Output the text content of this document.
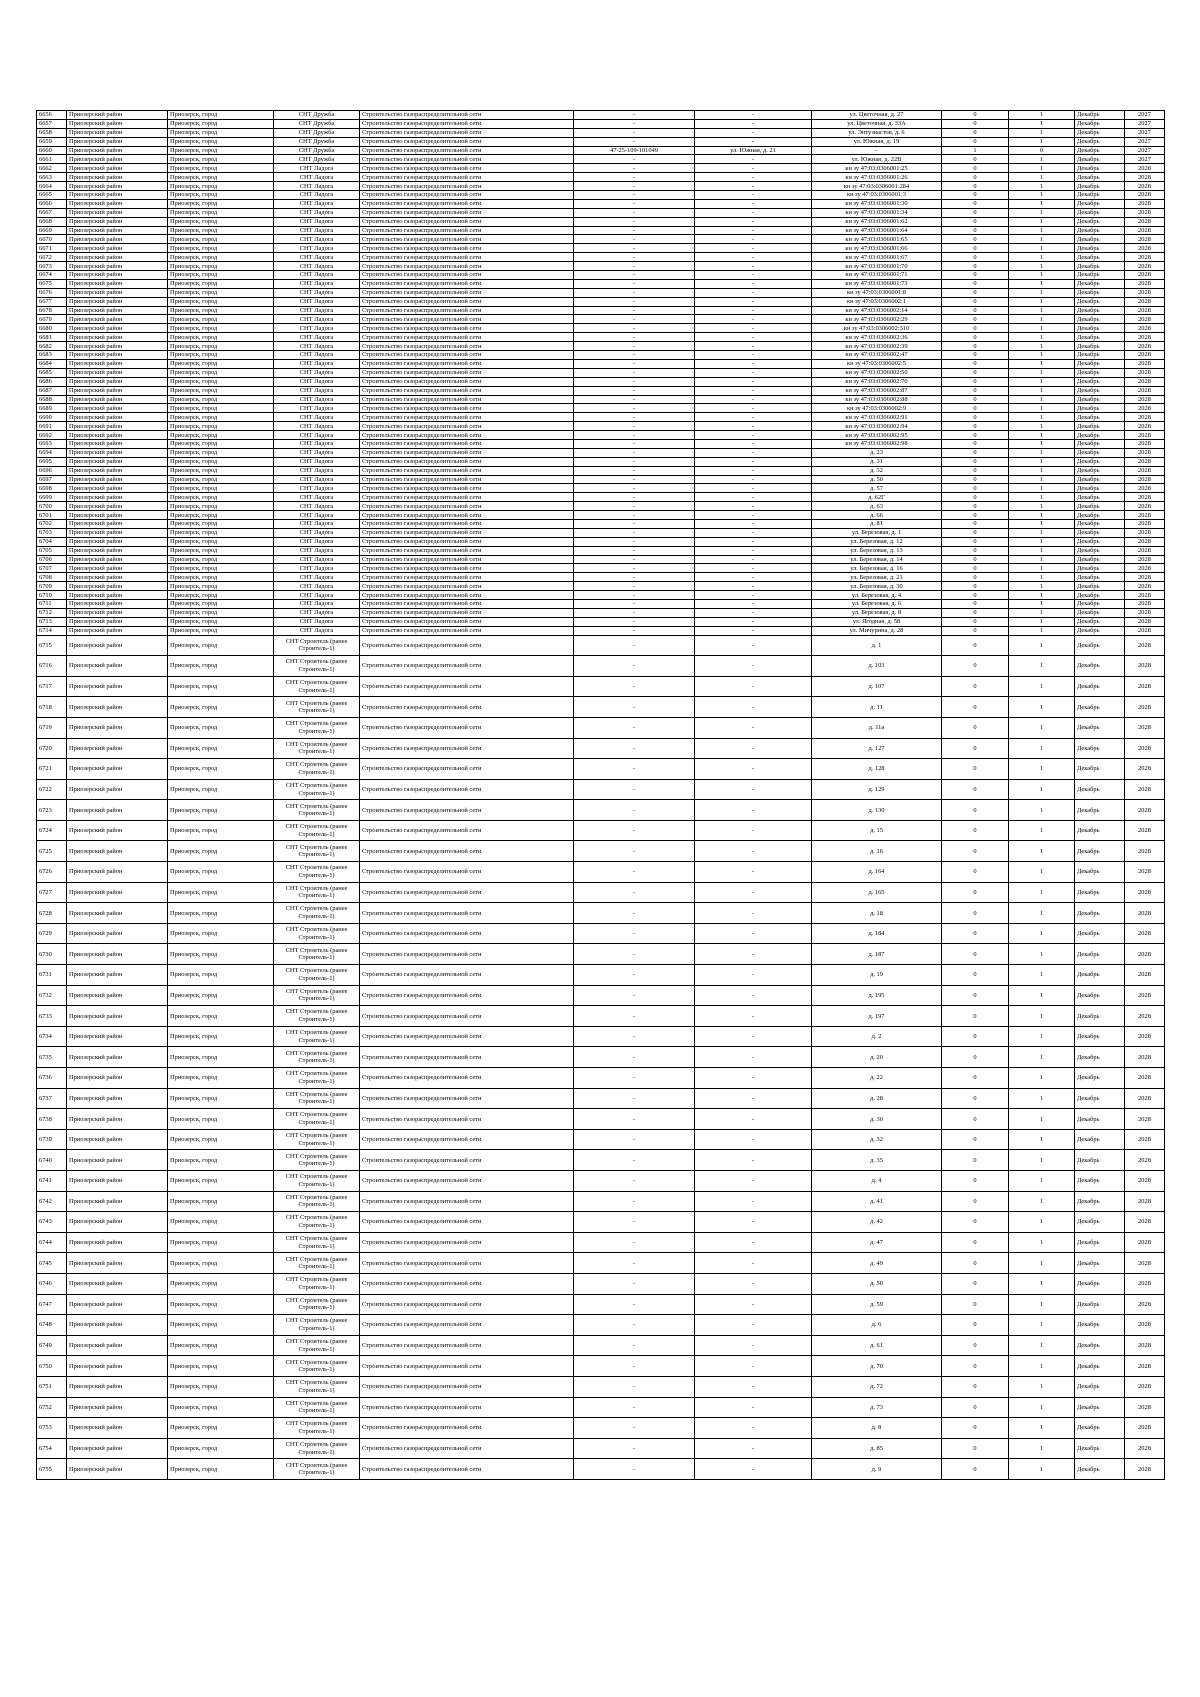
6656	Приозерский район	Приозерск, город	СНТ Дружба	Строительство газораспределительной сети	-	-	ул. Цветочная, д. 27	0	1	Декабрь	2027
6657	Приозерский район	Приозерск, город	СНТ Дружба	Строительство газораспределительной сети	-	-	ул. Цветочная, д. 33А	0	1	Декабрь	2027
6658	Приозерский район	Приозерск, город	СНТ Дружба	Строительство газораспределительной сети	-	-	ул. Энтузиастов, д. 6	0	1	Декабрь	2027
6659	Приозерский район	Приозерск, город	СНТ Дружба	Строительство газораспределительной сети	-	-	ул. Южная, д. 19	0	1	Декабрь	2027
6660	Приозерский район	Приозерск, город	СНТ Дружба	Строительство газораспределительной сети	47-25-109-101049	ул. Южная, д. 21	-	1	0	Декабрь	2027
6661	Приозерский район	Приозерск, город	СНТ Дружба	Строительство газораспределительной сети	-	-	ул. Южная, д. 22В	0	1	Декабрь	2027
6662	Приозерский район	Приозерск, город	СНТ Ладога	Строительство газораспределительной сети	-	-	кн зу 47:03:0306001:25	0	1	Декабрь	2028
6663	Приозерский район	Приозерск, город	СНТ Ладога	Строительство газораспределительной сети	-	-	кн зу 47:03:0306001:26	0	1	Декабрь	2028
6664	Приозерский район	Приозерск, город	СНТ Ладога	Строительство газораспределительной сети	-	-	кн зу 47:03:0306001:284	0	1	Декабрь	2028
6665	Приозерский район	Приозерск, город	СНТ Ладога	Строительство газораспределительной сети	-	-	кн зу 47:03:0306001:3	0	1	Декабрь	2028
6666	Приозерский район	Приозерск, город	СНТ Ладога	Строительство газораспределительной сети	-	-	кн зу 47:03:0306001:30	0	1	Декабрь	2028
6667	Приозерский район	Приозерск, город	СНТ Ладога	Строительство газораспределительной сети	-	-	кн зу 47:03:0306001:34	0	1	Декабрь	2028
6668	Приозерский район	Приозерск, город	СНТ Ладога	Строительство газораспределительной сети	-	-	кн зу 47:03:0306001:62	0	1	Декабрь	2028
6669	Приозерский район	Приозерск, город	СНТ Ладога	Строительство газораспределительной сети	-	-	кн зу 47:03:0306001:64	0	1	Декабрь	2028
6670	Приозерский район	Приозерск, город	СНТ Ладога	Строительство газораспределительной сети	-	-	кн зу 47:03:0306001:65	0	1	Декабрь	2028
6671	Приозерский район	Приозерск, город	СНТ Ладога	Строительство газораспределительной сети	-	-	кн зу 47:03:0306001:66	0	1	Декабрь	2028
6672	Приозерский район	Приозерск, город	СНТ Ладога	Строительство газораспределительной сети	-	-	кн зу 47:03:0306001:67	0	1	Декабрь	2028
6673	Приозерский район	Приозерск, город	СНТ Ладога	Строительство газораспределительной сети	-	-	кн зу 47:03:0306001:70	0	1	Декабрь	2028
6674	Приозерский район	Приозерск, город	СНТ Ладога	Строительство газораспределительной сети	-	-	кн зу 47:03:0306001:71	0	1	Декабрь	2028
6675	Приозерский район	Приозерск, город	СНТ Ладога	Строительство газораспределительной сети	-	-	кн зу 47:03:0306001:73	0	1	Декабрь	2028
6676	Приозерский район	Приозерск, город	СНТ Ладога	Строительство газораспределительной сети	-	-	кн зу 47:03:0306001:8	0	1	Декабрь	2028
6677	Приозерский район	Приозерск, город	СНТ Ладога	Строительство газораспределительной сети	-	-	кн зу 47:03:0306002:1	0	1	Декабрь	2028
6678	Приозерский район	Приозерск, город	СНТ Ладога	Строительство газораспределительной сети	-	-	кн зу 47:03:0306002:14	0	1	Декабрь	2028
6679	Приозерский район	Приозерск, город	СНТ Ладога	Строительство газораспределительной сети	-	-	кн зу 47:03:0306002:29	0	1	Декабрь	2028
6680	Приозерский район	Приозерск, город	СНТ Ладога	Строительство газораспределительной сети	-	-	кн зу 47:03:0306002:310	0	1	Декабрь	2028
6681	Приозерский район	Приозерск, город	СНТ Ладога	Строительство газораспределительной сети	-	-	кн зу 47:03:0306002:36	0	1	Декабрь	2028
6682	Приозерский район	Приозерск, город	СНТ Ладога	Строительство газораспределительной сети	-	-	кн зу 47:03:0306002:39	0	1	Декабрь	2028
6683	Приозерский район	Приозерск, город	СНТ Ладога	Строительство газораспределительной сети	-	-	кн зу 47:03:0306002:47	0	1	Декабрь	2028
6684	Приозерский район	Приозерск, город	СНТ Ладога	Строительство газораспределительной сети	-	-	кн зу 47:03:0306002:5	0	1	Декабрь	2028
6685	Приозерский район	Приозерск, город	СНТ Ладога	Строительство газораспределительной сети	-	-	кн зу 47:03:0306002:50	0	1	Декабрь	2028
6686	Приозерский район	Приозерск, город	СНТ Ладога	Строительство газораспределительной сети	-	-	кн зу 47:03:0306002:70	0	1	Декабрь	2028
6687	Приозерский район	Приозерск, город	СНТ Ладога	Строительство газораспределительной сети	-	-	кн зу 47:03:0306002:87	0	1	Декабрь	2028
6688	Приозерский район	Приозерск, город	СНТ Ладога	Строительство газораспределительной сети	-	-	кн зу 47:03:0306002:88	0	1	Декабрь	2028
6689	Приозерский район	Приозерск, город	СНТ Ладога	Строительство газораспределительной сети	-	-	кн зу 47:03:0306002:9	0	1	Декабрь	2028
6690	Приозерский район	Приозерск, город	СНТ Ладога	Строительство газораспределительной сети	-	-	кн зу 47:03:0306002:91	0	1	Декабрь	2028
6691	Приозерский район	Приозерск, город	СНТ Ладога	Строительство газораспределительной сети	-	-	кн зу 47:03:0306002:94	0	1	Декабрь	2028
6692	Приозерский район	Приозерск, город	СНТ Ладога	Строительство газораспределительной сети	-	-	кн зу 47:03:0306002:95	0	1	Декабрь	2028
6693	Приозерский район	Приозерск, город	СНТ Ладога	Строительство газораспределительной сети	-	-	кн зу 47:03:0306002:98	0	1	Декабрь	2028
6694	Приозерский район	Приозерск, город	СНТ Ладога	Строительство газораспределительной сети	-	-	д. 23	0	1	Декабрь	2028
6695	Приозерский район	Приозерск, город	СНТ Ладога	Строительство газораспределительной сети	-	-	д. 31	0	1	Декабрь	2028
6696	Приозерский район	Приозерск, город	СНТ Ладога	Строительство газораспределительной сети	-	-	д. 32	0	1	Декабрь	2028
6697	Приозерский район	Приозерск, город	СНТ Ладога	Строительство газораспределительной сети	-	-	д. 50	0	1	Декабрь	2028
6698	Приозерский район	Приозерск, город	СНТ Ладога	Строительство газораспределительной сети	-	-	д. 57	0	1	Декабрь	2028
6699	Приозерский район	Приозерск, город	СНТ Ладога	Строительство газораспределительной сети	-	-	д. 62Г	0	1	Декабрь	2028
6700	Приозерский район	Приозерск, город	СНТ Ладога	Строительство газораспределительной сети	-	-	д. 63	0	1	Декабрь	2028
6701	Приозерский район	Приозерск, город	СНТ Ладога	Строительство газораспределительной сети	-	-	д. 66	0	1	Декабрь	2028
6702	Приозерский район	Приозерск, город	СНТ Ладога	Строительство газораспределительной сети	-	-	д. 81	0	1	Декабрь	2028
6703	Приозерский район	Приозерск, город	СНТ Ладога	Строительство газораспределительной сети	-	-	ул. Березовая, д. 1	0	1	Декабрь	2028
6704	Приозерский район	Приозерск, город	СНТ Ладога	Строительство газораспределительной сети	-	-	ул. Березовая, д. 12	0	1	Декабрь	2028
6705	Приозерский район	Приозерск, город	СНТ Ладога	Строительство газораспределительной сети	-	-	ул. Березовая, д. 13	0	1	Декабрь	2028
6706	Приозерский район	Приозерск, город	СНТ Ладога	Строительство газораспределительной сети	-	-	ул. Березовая, д. 14	0	1	Декабрь	2028
6707	Приозерский район	Приозерск, город	СНТ Ладога	Строительство газораспределительной сети	-	-	ул. Березовая, д. 16	0	1	Декабрь	2028
6708	Приозерский район	Приозерск, город	СНТ Ладога	Строительство газораспределительной сети	-	-	ул. Березовая, д. 21	0	1	Декабрь	2028
6709	Приозерский район	Приозерск, город	СНТ Ладога	Строительство газораспределительной сети	-	-	ул. Березовая, д. 30	0	1	Декабрь	2028
6710	Приозерский район	Приозерск, город	СНТ Ладога	Строительство газораспределительной сети	-	-	ул. Березовая, д. 4	0	1	Декабрь	2028
6711	Приозерский район	Приозерск, город	СНТ Ладога	Строительство газораспределительной сети	-	-	ул. Березовая, д. 6	0	1	Декабрь	2028
6712	Приозерский район	Приозерск, город	СНТ Ладога	Строительство газораспределительной сети	-	-	ул. Березовая, д. 8	0	1	Декабрь	2028
6713	Приозерский район	Приозерск, город	СНТ Ладога	Строительство газораспределительной сети	-	-	ул. Ягодная, д. 58	0	1	Декабрь	2028
6714	Приозерский район	Приозерск, город	СНТ Ладога	Строительство газораспределительной сети	-	-	ул. Мичурина, д. 28	0	1	Декабрь	2028
6715	Приозерский район	Приозерск, город	СНТ Строитель (ранее Строитель-1)	Строительство газораспределительной сети	-	-	д. 1	0	1	Декабрь	2028
6716	Приозерский район	Приозерск, город	СНТ Строитель (ранее Строитель-1)	Строительство газораспределительной сети	-	-	д. 103	0	1	Декабрь	2028
6717	Приозерский район	Приозерск, город	СНТ Строитель (ранее Строитель-1)	Строительство газораспределительной сети	-	-	д. 107	0	1	Декабрь	2028
6718	Приозерский район	Приозерск, город	СНТ Строитель (ранее Строитель-1)	Строительство газораспределительной сети	-	-	д. 11	0	1	Декабрь	2028
6719	Приозерский район	Приозерск, город	СНТ Строитель (ранее Строитель-1)	Строительство газораспределительной сети	-	-	д. 11а	0	1	Декабрь	2028
6720	Приозерский район	Приозерск, город	СНТ Строитель (ранее Строитель-1)	Строительство газораспределительной сети	-	-	д. 127	0	1	Декабрь	2028
6721	Приозерский район	Приозерск, город	СНТ Строитель (ранее Строитель-1)	Строительство газораспределительной сети	-	-	д. 128	0	1	Декабрь	2028
6722	Приозерский район	Приозерск, город	СНТ Строитель (ранее Строитель-1)	Строительство газораспределительной сети	-	-	д. 129	0	1	Декабрь	2028
6723	Приозерский район	Приозерск, город	СНТ Строитель (ранее Строитель-1)	Строительство газораспределительной сети	-	-	д. 130	0	1	Декабрь	2028
6724	Приозерский район	Приозерск, город	СНТ Строитель (ранее Строитель-1)	Строительство газораспределительной сети	-	-	д. 15	0	1	Декабрь	2028
6725	Приозерский район	Приозерск, город	СНТ Строитель (ранее Строитель-1)	Строительство газораспределительной сети	-	-	д. 16	0	1	Декабрь	2028
6726	Приозерский район	Приозерск, город	СНТ Строитель (ранее Строитель-1)	Строительство газораспределительной сети	-	-	д. 164	0	1	Декабрь	2028
6727	Приозерский район	Приозерск, город	СНТ Строитель (ранее Строитель-1)	Строительство газораспределительной сети	-	-	д. 165	0	1	Декабрь	2028
6728	Приозерский район	Приозерск, город	СНТ Строитель (ранее Строитель-1)	Строительство газораспределительной сети	-	-	д. 18	0	1	Декабрь	2028
6729	Приозерский район	Приозерск, город	СНТ Строитель (ранее Строитель-1)	Строительство газораспределительной сети	-	-	д. 184	0	1	Декабрь	2028
6730	Приозерский район	Приозерск, город	СНТ Строитель (ранее Строитель-1)	Строительство газораспределительной сети	-	-	д. 187	0	1	Декабрь	2028
6731	Приозерский район	Приозерск, город	СНТ Строитель (ранее Строитель-1)	Строительство газораспределительной сети	-	-	д. 19	0	1	Декабрь	2028
6732	Приозерский район	Приозерск, город	СНТ Строитель (ранее Строитель-1)	Строительство газораспределительной сети	-	-	д. 195	0	1	Декабрь	2028
6733	Приозерский район	Приозерск, город	СНТ Строитель (ранее Строитель-1)	Строительство газораспределительной сети	-	-	д. 197	0	1	Декабрь	2028
6734	Приозерский район	Приозерск, город	СНТ Строитель (ранее Строитель-1)	Строительство газораспределительной сети	-	-	д. 2	0	1	Декабрь	2028
6735	Приозерский район	Приозерск, город	СНТ Строитель (ранее Строитель-1)	Строительство газораспределительной сети	-	-	д. 20	0	1	Декабрь	2028
6736	Приозерский район	Приозерск, город	СНТ Строитель (ранее Строитель-1)	Строительство газораспределительной сети	-	-	д. 22	0	1	Декабрь	2028
6737	Приозерский район	Приозерск, город	СНТ Строитель (ранее Строитель-1)	Строительство газораспределительной сети	-	-	д. 28	0	1	Декабрь	2028
6738	Приозерский район	Приозерск, город	СНТ Строитель (ранее Строитель-1)	Строительство газораспределительной сети	-	-	д. 30	0	1	Декабрь	2028
6739	Приозерский район	Приозерск, город	СНТ Строитель (ранее Строитель-1)	Строительство газораспределительной сети	-	-	д. 32	0	1	Декабрь	2028
6740	Приозерский район	Приозерск, город	СНТ Строитель (ранее Строитель-1)	Строительство газораспределительной сети	-	-	д. 35	0	1	Декабрь	2028
6741	Приозерский район	Приозерск, город	СНТ Строитель (ранее Строитель-1)	Строительство газораспределительной сети	-	-	д. 4	0	1	Декабрь	2028
6742	Приозерский район	Приозерск, город	СНТ Строитель (ранее Строитель-1)	Строительство газораспределительной сети	-	-	д. 41	0	1	Декабрь	2028
6743	Приозерский район	Приозерск, город	СНТ Строитель (ранее Строитель-1)	Строительство газораспределительной сети	-	-	д. 42	0	1	Декабрь	2028
6744	Приозерский район	Приозерск, город	СНТ Строитель (ранее Строитель-1)	Строительство газораспределительной сети	-	-	д. 47	0	1	Декабрь	2028
6745	Приозерский район	Приозерск, город	СНТ Строитель (ранее Строитель-1)	Строительство газораспределительной сети	-	-	д. 49	0	1	Декабрь	2028
6746	Приозерский район	Приозерск, город	СНТ Строитель (ранее Строитель-1)	Строительство газораспределительной сети	-	-	д. 50	0	1	Декабрь	2028
6747	Приозерский район	Приозерск, город	СНТ Строитель (ранее Строитель-1)	Строительство газораспределительной сети	-	-	д. 59	0	1	Декабрь	2028
6748	Приозерский район	Приозерск, город	СНТ Строитель (ранее Строитель-1)	Строительство газораспределительной сети	-	-	д. 6	0	1	Декабрь	2028
6749	Приозерский район	Приозерск, город	СНТ Строитель (ранее Строитель-1)	Строительство газораспределительной сети	-	-	д. 61	0	1	Декабрь	2028
6750	Приозерский район	Приозерск, город	СНТ Строитель (ранее Строитель-1)	Строительство газораспределительной сети	-	-	д. 70	0	1	Декабрь	2028
6751	Приозерский район	Приозерск, город	СНТ Строитель (ранее Строитель-1)	Строительство газораспределительной сети	-	-	д. 72	0	1	Декабрь	2028
6752	Приозерский район	Приозерск, город	СНТ Строитель (ранее Строитель-1)	Строительство газораспределительной сети	-	-	д. 73	0	1	Декабрь	2028
6753	Приозерский район	Приозерск, город	СНТ Строитель (ранее Строитель-1)	Строительство газораспределительной сети	-	-	д. 8	0	1	Декабрь	2028
6754	Приозерский район	Приозерск, город	СНТ Строитель (ранее Строитель-1)	Строительство газораспределительной сети	-	-	д. 85	0	1	Декабрь	2028
6755	Приозерский район	Приозерск, город	СНТ Строитель (ранее Строитель-1)	Строительство газораспределительной сети	-	-	д. 9	0	1	Декабрь	2028
